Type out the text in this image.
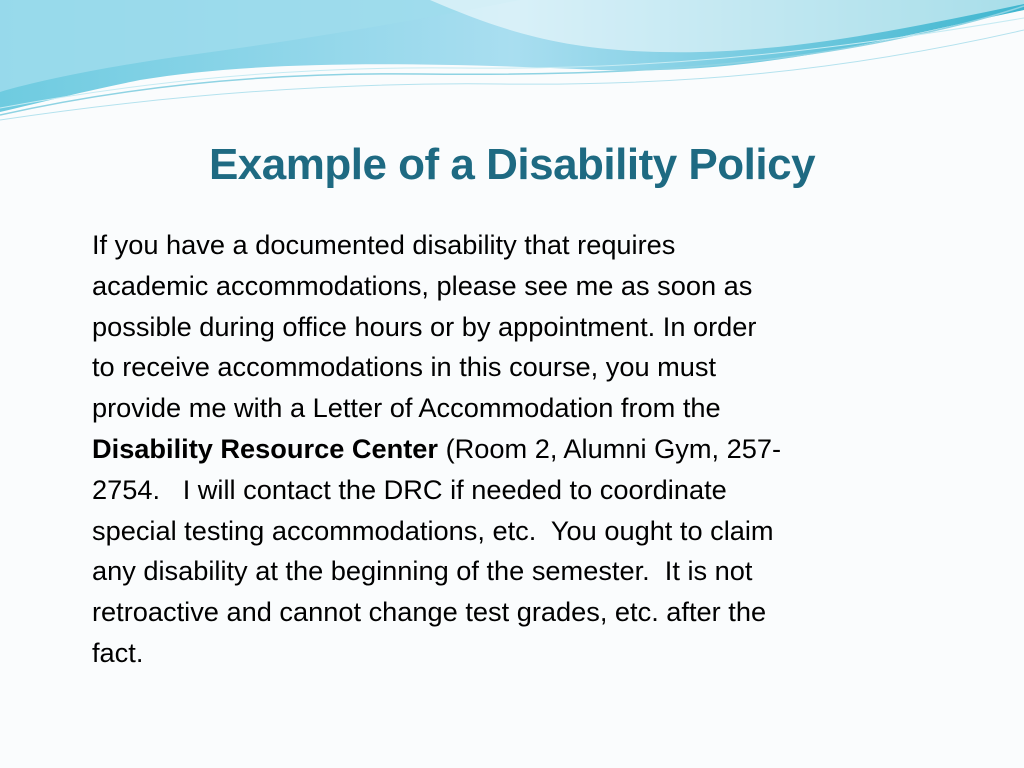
Example of a Disability Policy
If you have a documented disability that requires
academic accommodations, please see me as soon as
possible during office hours or by appointment. In order
to receive accommodations in this course, you must
provide me with a Letter of Accommodation from the
Disability Resource Center (Room 2, Alumni Gym, 257-
2754.   I will contact the DRC if needed to coordinate
special testing accommodations, etc.  You ought to claim
any disability at the beginning of the semester.  It is not
retroactive and cannot change test grades, etc. after the
fact.
